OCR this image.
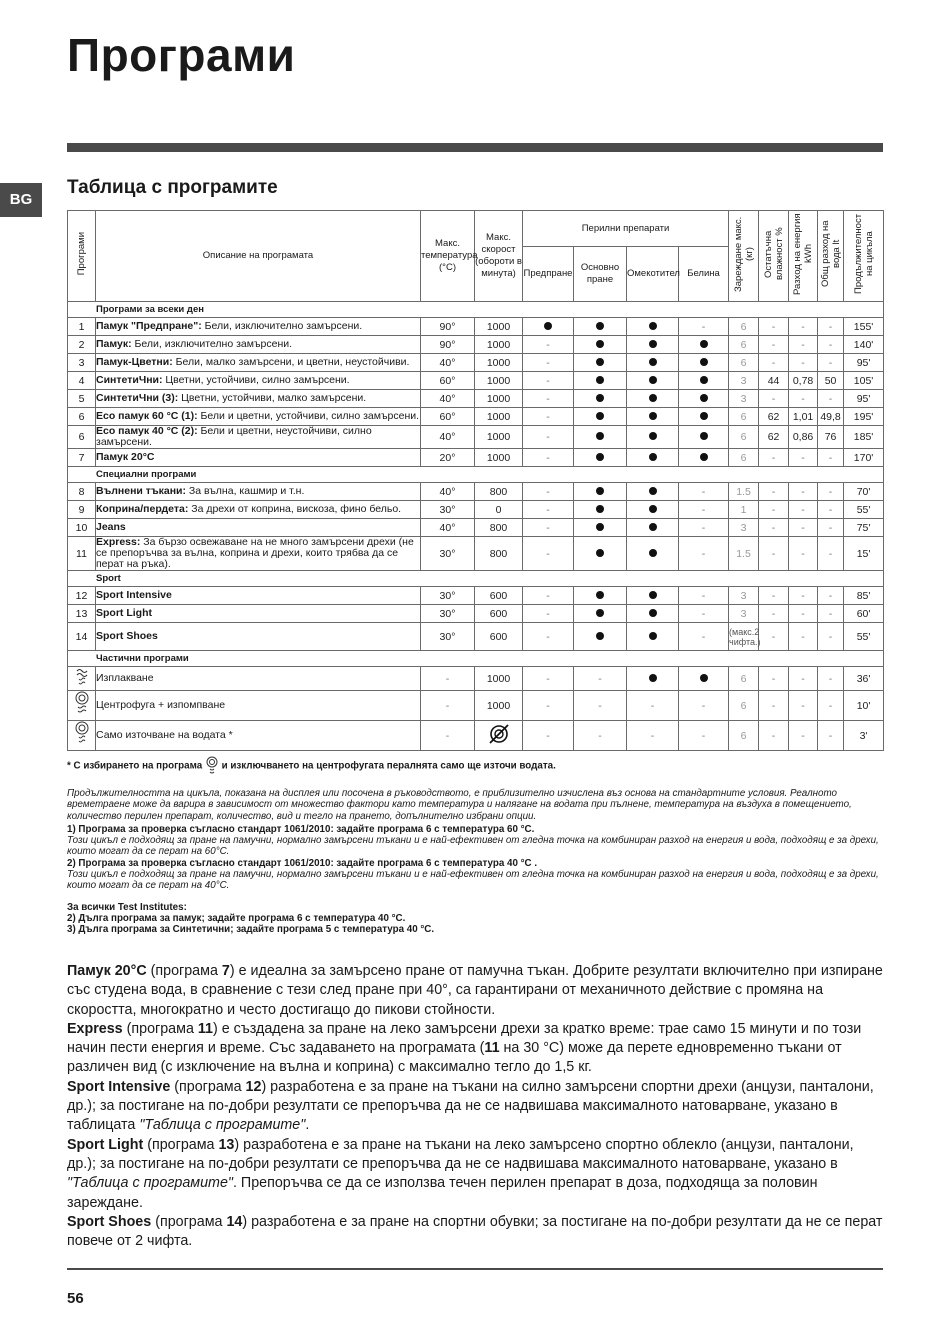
Програми
BG
Таблица с програмите
Програми	Описание на програмата	Макс. температура (°C)	Макс. скорост (обороти в минута)	Перилни препарати				Зареждане макс. (кг)	Остатъчна влажност %	Разход на енергия kWh	Общ разход на вода lt	Продължителност на цикъла
				Предпране	Основно пране	Омекотител	Белина					
Програми за всеки ден												
1	Памук "Предпране": Бели, изключително замърсени.	90°	1000				-	6	-	-	-	155'
2	Памук: Бели, изключително замърсени.	90°	1000	-				6	-	-	-	140'
3	Памук-Цветни: Бели, малко замърсени, и цветни, неустойчиви.	40°	1000	-				6	-	-	-	95'
4	СинтетиЧни: Цветни, устойчиви, силно замърсени.	60°	1000	-				3	44	0,78	50	105'
5	СинтетиЧни (3): Цветни, устойчиви, малко замърсени.	40°	1000	-				3	-	-	-	95'
6	Eco памук 60 °C (1): Бели и цветни, устойчиви, силно замърсени.	60°	1000	-				6	62	1,01	49,8	195'
6	Eco памук 40 °C (2): Бели и цветни, неустойчиви, силно замърсени.	40°	1000	-				6	62	0,86	76	185'
7	Памук 20°C	20°	1000	-				6	-	-	-	170'
Специални програми												
8	Вълнени тъкани: За вълна, кашмир и т.н.	40°	800	-			-	1.5	-	-	-	70'
9	Коприна/пердета: За дрехи от коприна, вискоза, фино бельо.	30°	0	-			-	1	-	-	-	55'
10	Jeans	40°	800	-			-	3	-	-	-	75'
11	Express: За бързо освежаване на не много замърсени дрехи (не се препоръчва за вълна, коприна и дрехи, които трябва да се перат на ръка).	30°	800	-			-	1.5	-	-	-	15'
Sport												
12	Sport Intensive	30°	600	-			-	3	-	-	-	85'
13	Sport Light	30°	600	-			-	3	-	-	-	60'
14	Sport Shoes	30°	600	-			-	(макс.2 чифта.)	-	-	-	55'
Частични програми												
	Изплакване	-	1000	-	-			6	-	-	-	36'
	Центрофуга + изпомпване	-	1000	-	-	-	-	6	-	-	-	10'
	Само източване на водата *	-		-	-	-	-	6	-	-	-	3'

* С избирането на програма  и изключването на центрофугата пералнята само ще източи водата.

Продължителността на цикъла, показана на дисплея или посочена в ръководството, е приблизително изчислена въз основа на стандартните условия. Реалното времетраене може да варира в зависимост от множество фактори като температура и налягане на водата при пълнене, температура на въздуха в помещението, количество перилен препарат, количество, вид и тегло на прането, допълнително избрани опции.

1) Програма за проверка съгласно стандарт 1061/2010: задайте програма 6 с температура 60 °C.

Този цикъл е подходящ за пране на памучни, нормално замърсени тъкани и е най-ефективен от гледна точка на комбиниран разход на енергия и вода, подходящ е за дрехи, които могат да се перат на 60°C.

2) Програма за проверка съгласно стандарт 1061/2010: задайте програма 6 с температура 40 °C .

Този цикъл е подходящ за пране на памучни, нормално замърсени тъкани и е най-ефективен от гледна точка на комбиниран разход на енергия и вода, подходящ е за дрехи, които могат да се перат на 40°C.

За всички Test Institutes:

2) Дълга програма за памук; задайте програма 6 с температура 40 °C.

3) Дълга програма за Синтетични; задайте програма 5 с температура 40 °C.

Памук 20°C (програма 7) е идеална за замърсено пране от памучна тъкан. Добрите резултати включително при изпиране със студена вода, в сравнение с тези след пране при 40°, са гарантирани от механичното действие с промяна на скоростта, многократно и често достигащо до пикови стойности.

Express (програма 11) е създадена за пране на леко замърсени дрехи за кратко време: трае само 15 минути и по този начин пести енергия и време. Със задаването на програмата (11 на 30 °C) може да перете едновременно тъкани от различен вид (с изключение на вълна и коприна) с максимално тегло до 1,5 кг.

Sport Intensive (програма 12) разработена е за пране на тъкани на силно замърсени спортни дрехи (анцузи, панталони, др.); за постигане на по-добри резултати се препоръчва да не се надвишава максималното натоварване, указано в таблицата "Таблица с програмите".

Sport Light (програма 13) разработена е за пране на тъкани на леко замърсено спортно облекло (анцузи, панталони, др.); за постигане на по-добри резултати се препоръчва да не се надвишава максималното натоварване, указано в "Таблица с програмите". Препоръчва се да се използва течен перилен препарат в доза, подходяща за половин зареждане.

Sport Shoes (програма 14) разработена е за пране на спортни обувки; за постигане на по-добри резултати да не се перат повече от 2 чифта.

56
